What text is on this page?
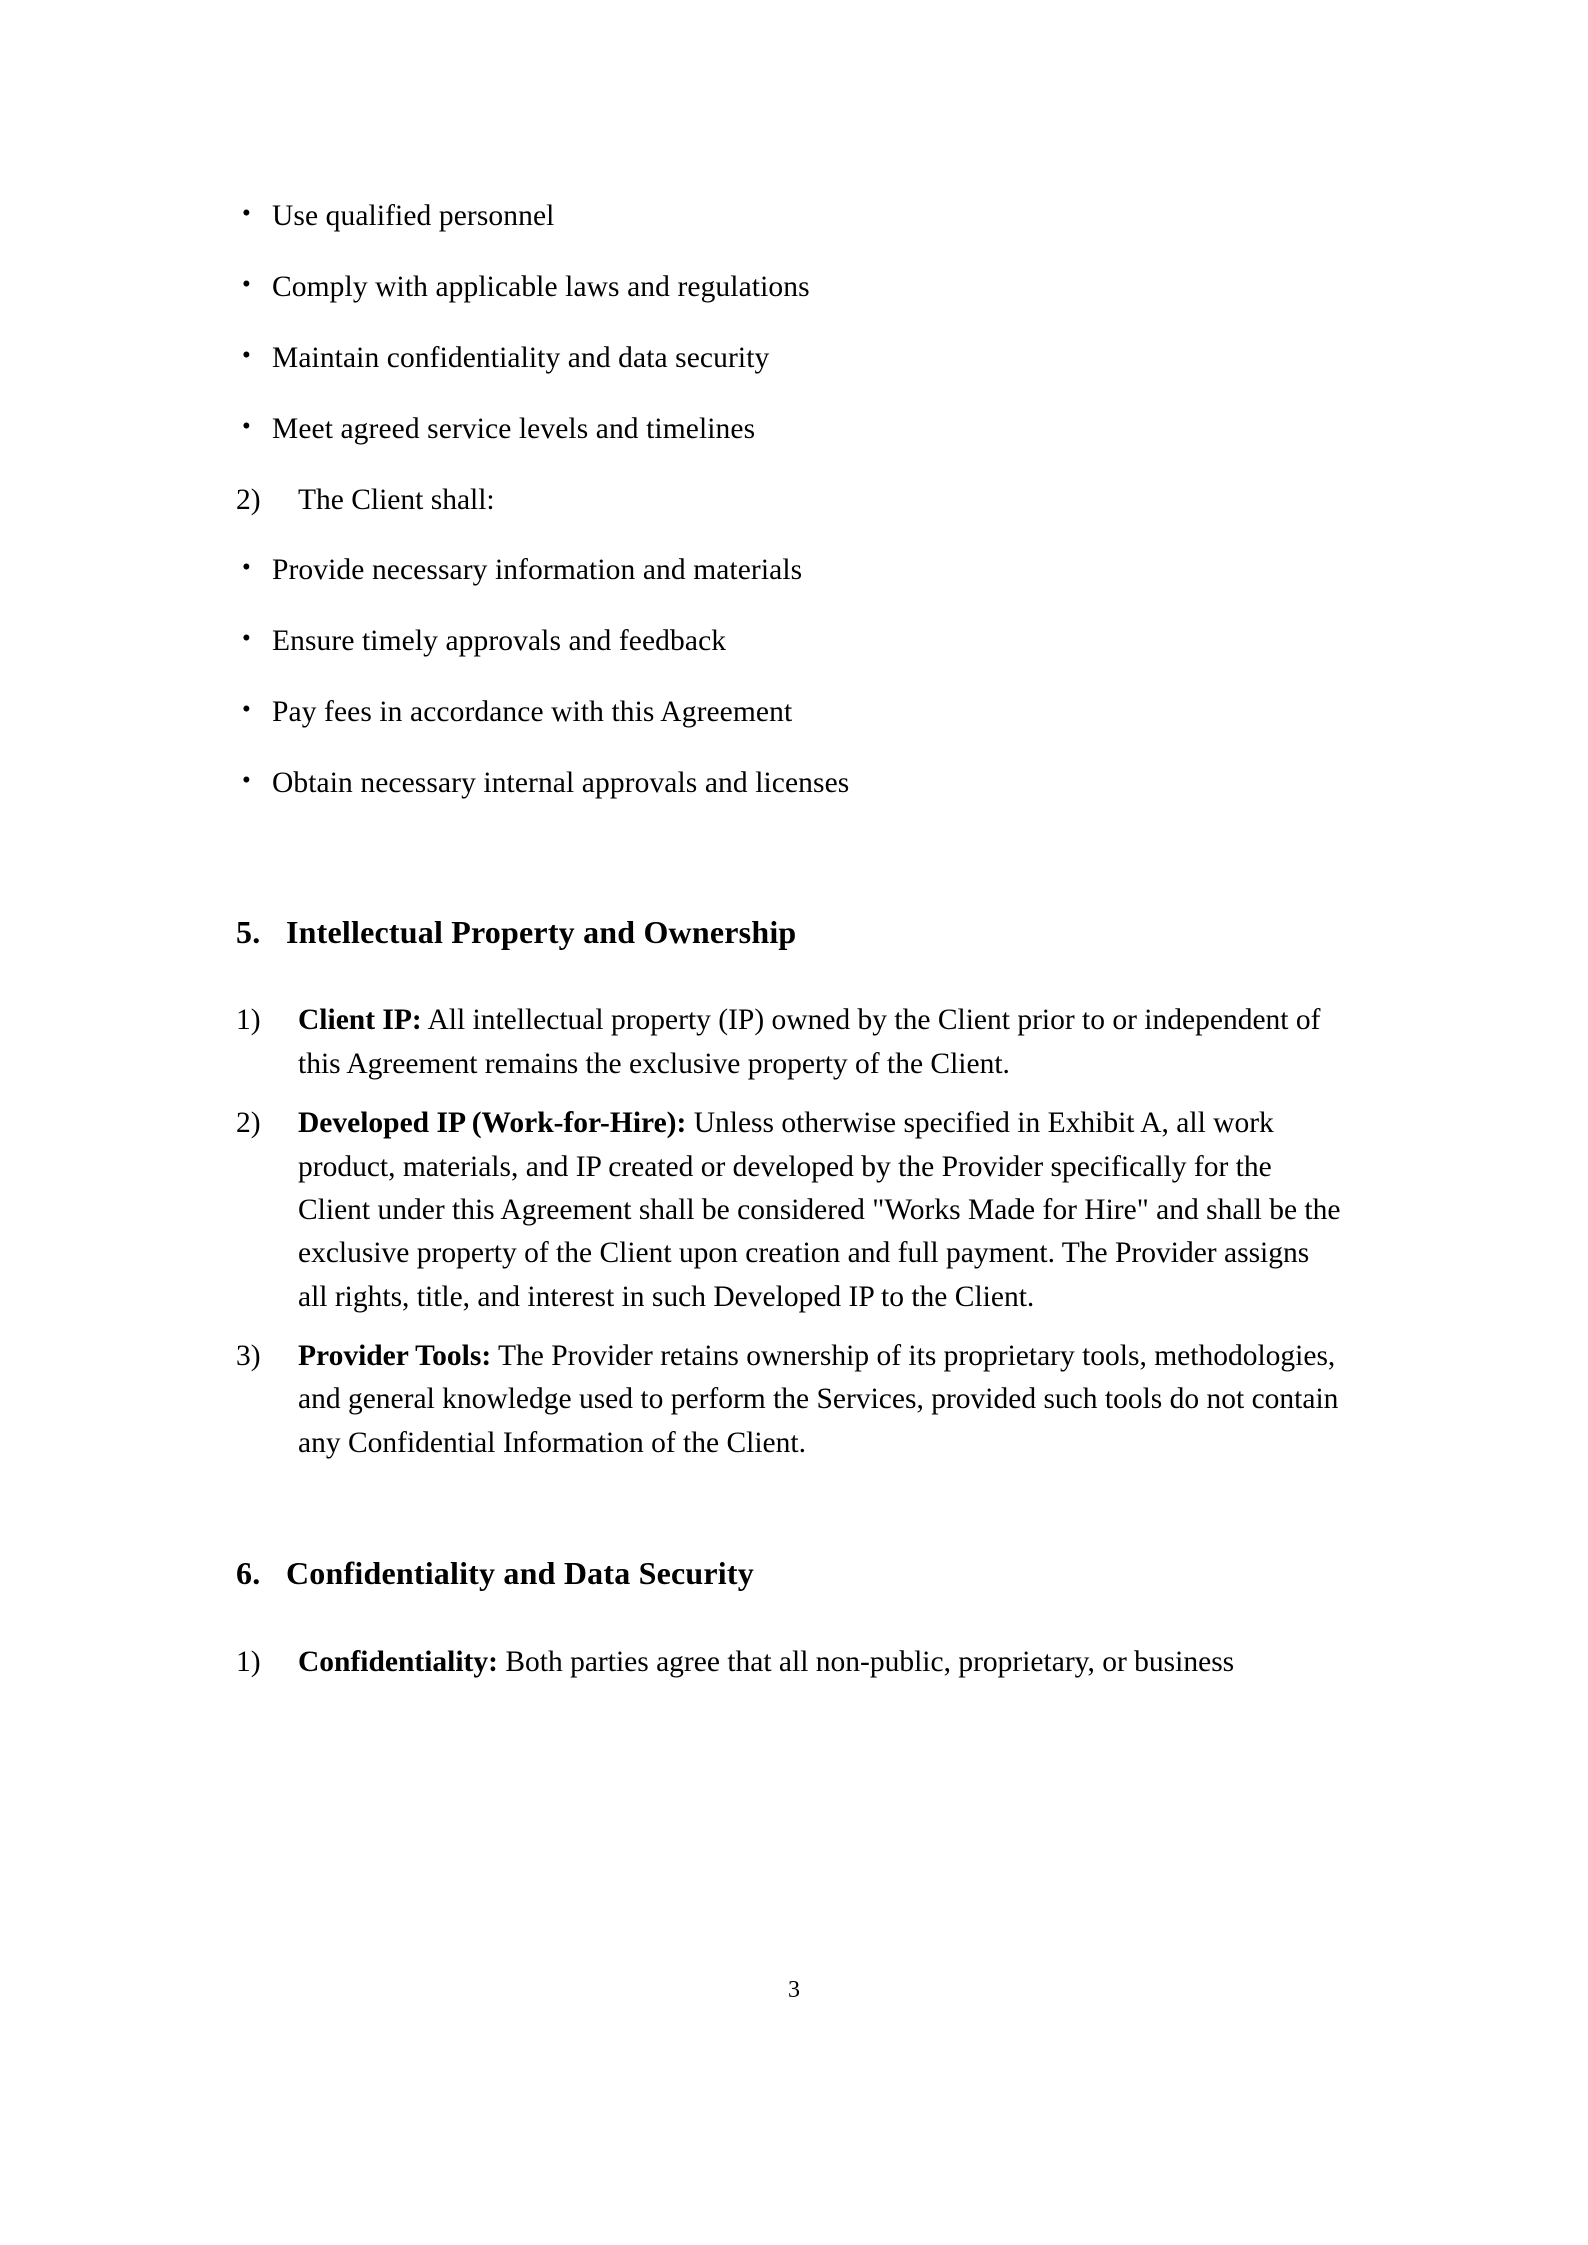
• Use qualified personnel
• Comply with applicable laws and regulations
• Maintain confidentiality and data security
• Meet agreed service levels and timelines
2) The Client shall:
• Provide necessary information and materials
• Ensure timely approvals and feedback
• Pay fees in accordance with this Agreement
• Obtain necessary internal approvals and licenses
5. Intellectual Property and Ownership
1) Client IP: All intellectual property (IP) owned by the Client prior to or independent of this Agreement remains the exclusive property of the Client.
2) Developed IP (Work-for-Hire): Unless otherwise specified in Exhibit A, all work product, materials, and IP created or developed by the Provider specifically for the Client under this Agreement shall be considered "Works Made for Hire" and shall be the exclusive property of the Client upon creation and full payment. The Provider assigns all rights, title, and interest in such Developed IP to the Client.
3) Provider Tools: The Provider retains ownership of its proprietary tools, methodologies, and general knowledge used to perform the Services, provided such tools do not contain any Confidential Information of the Client.
6. Confidentiality and Data Security
1) Confidentiality: Both parties agree that all non-public, proprietary, or business
3
